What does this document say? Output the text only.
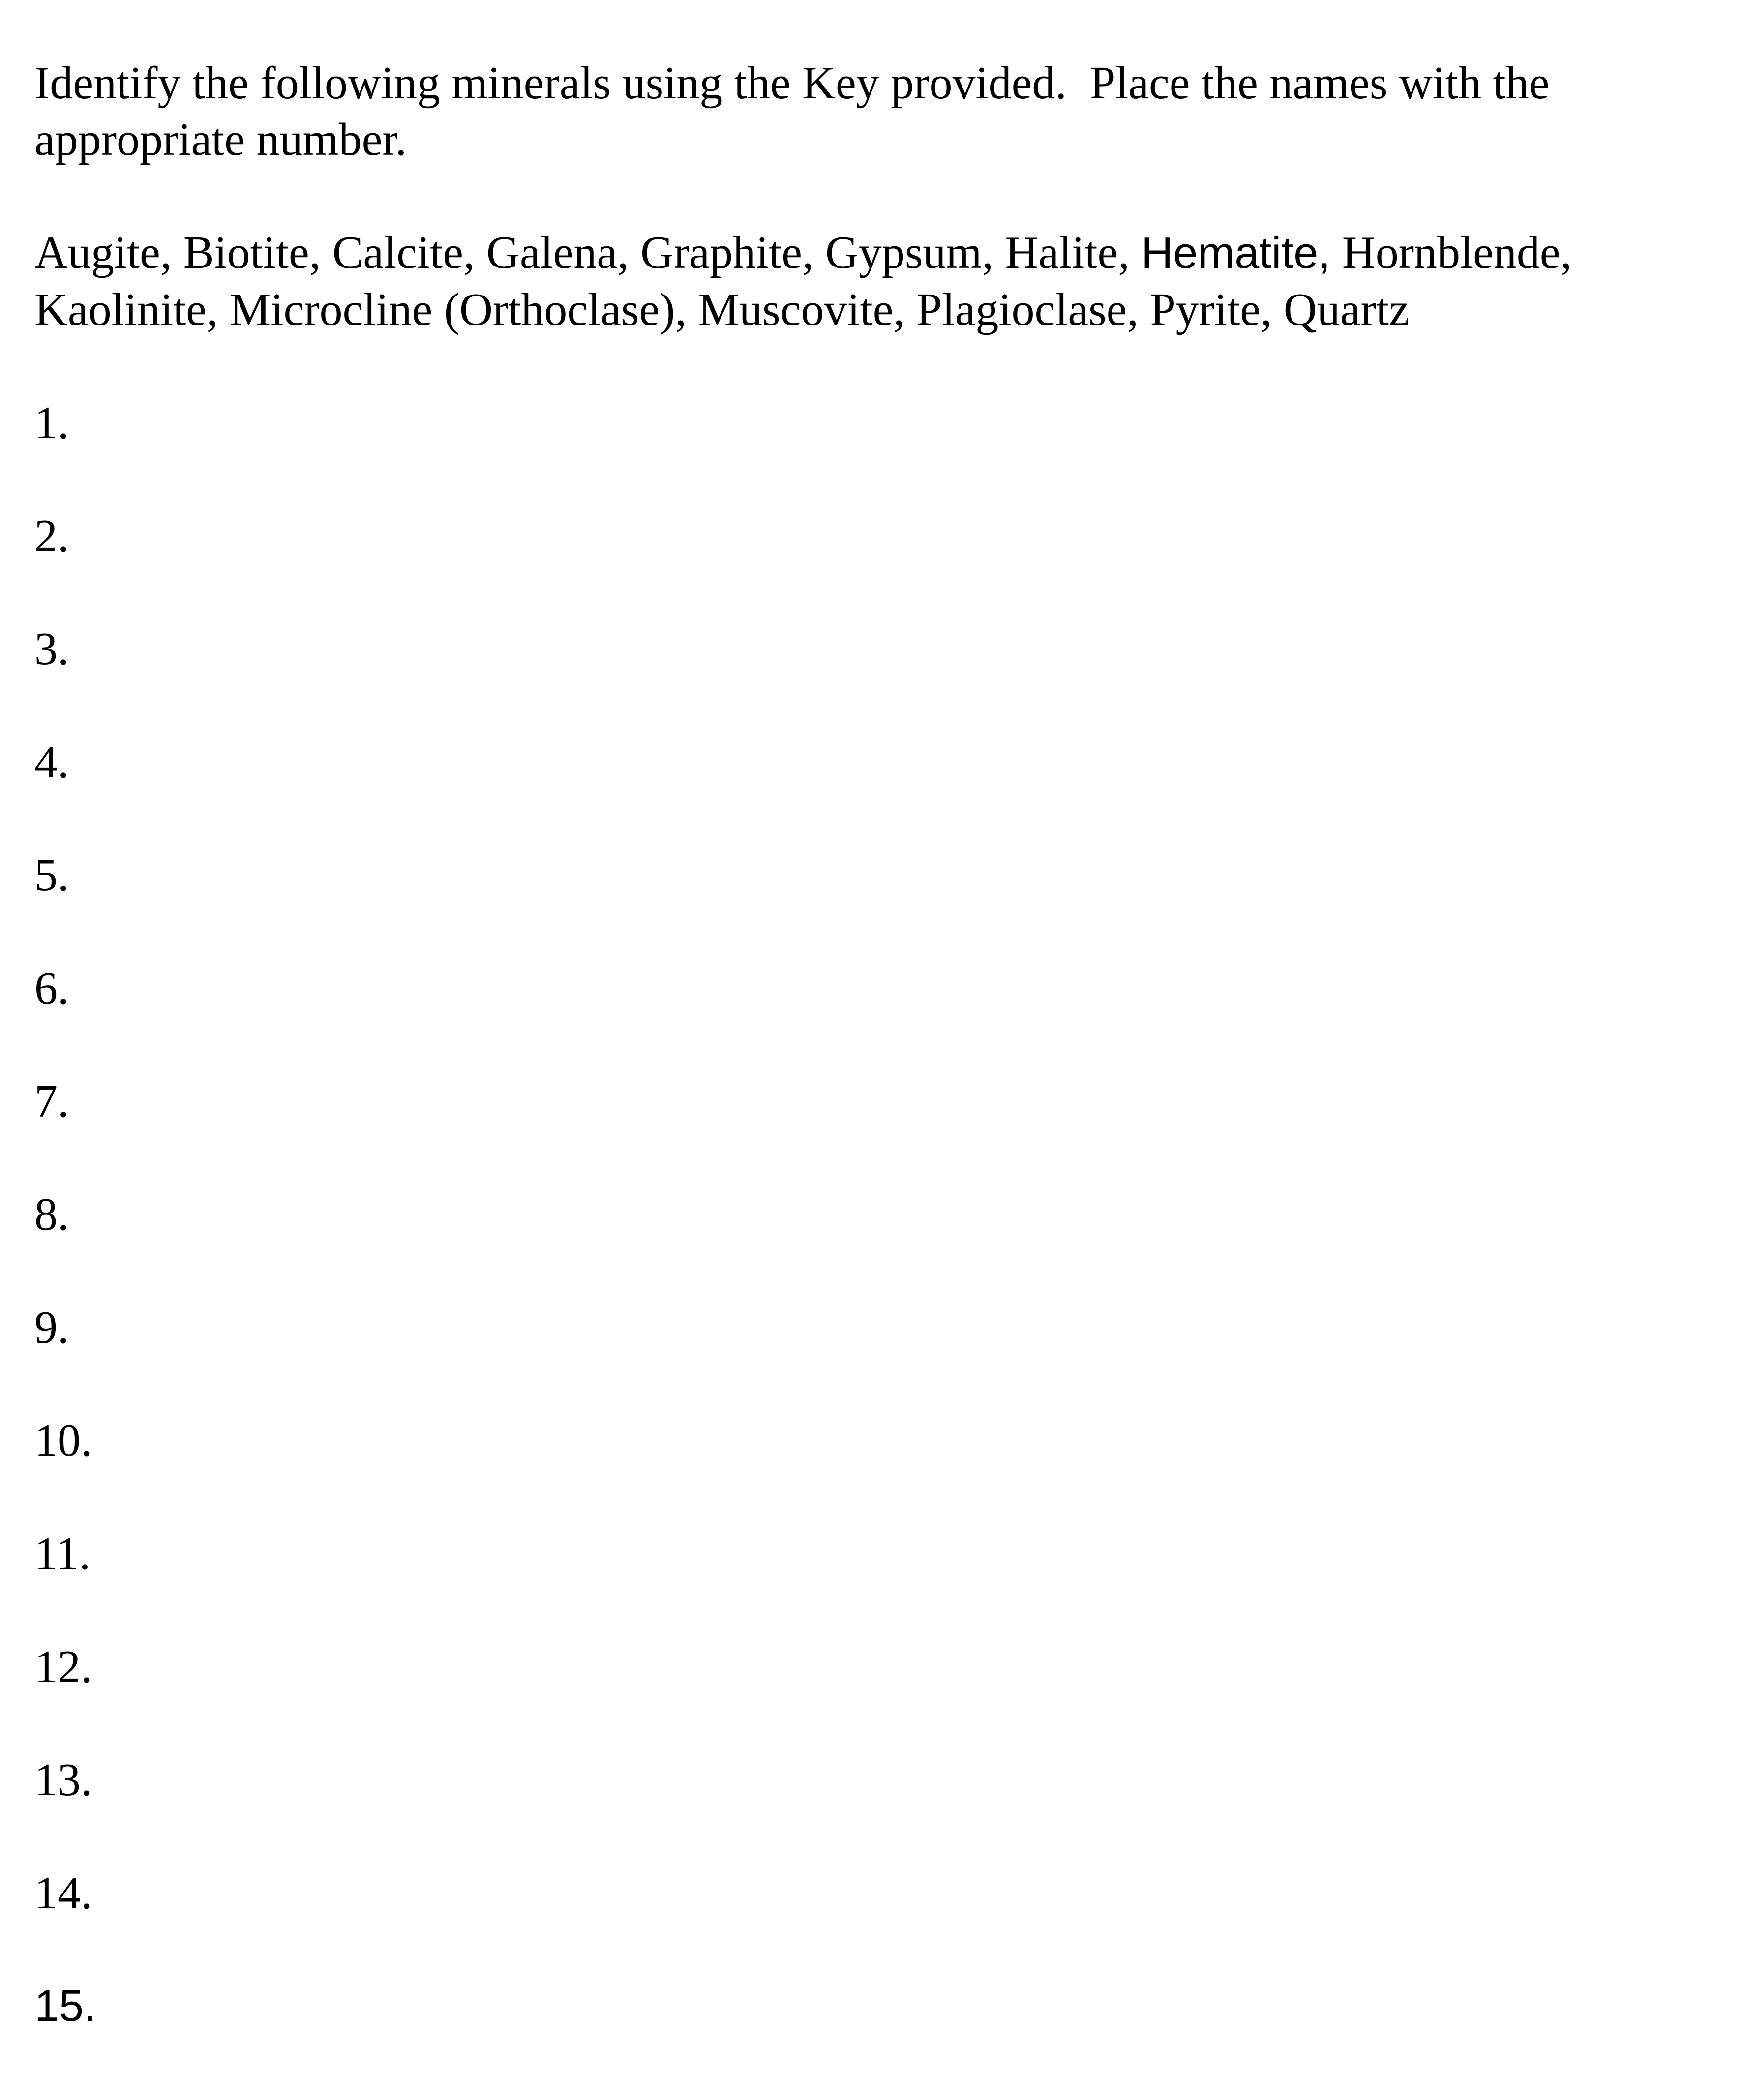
Identify the following minerals using the Key provided.  Place the names with the
appropriate number.
Augite, Biotite, Calcite, Galena, Graphite, Gypsum, Halite, Hematite, Hornblende,
Kaolinite, Microcline (Orthoclase), Muscovite, Plagioclase, Pyrite, Quartz
1.
2.
3.
4.
5.
6.
7.
8.
9.
10.
11.
12.
13.
14.
15.
